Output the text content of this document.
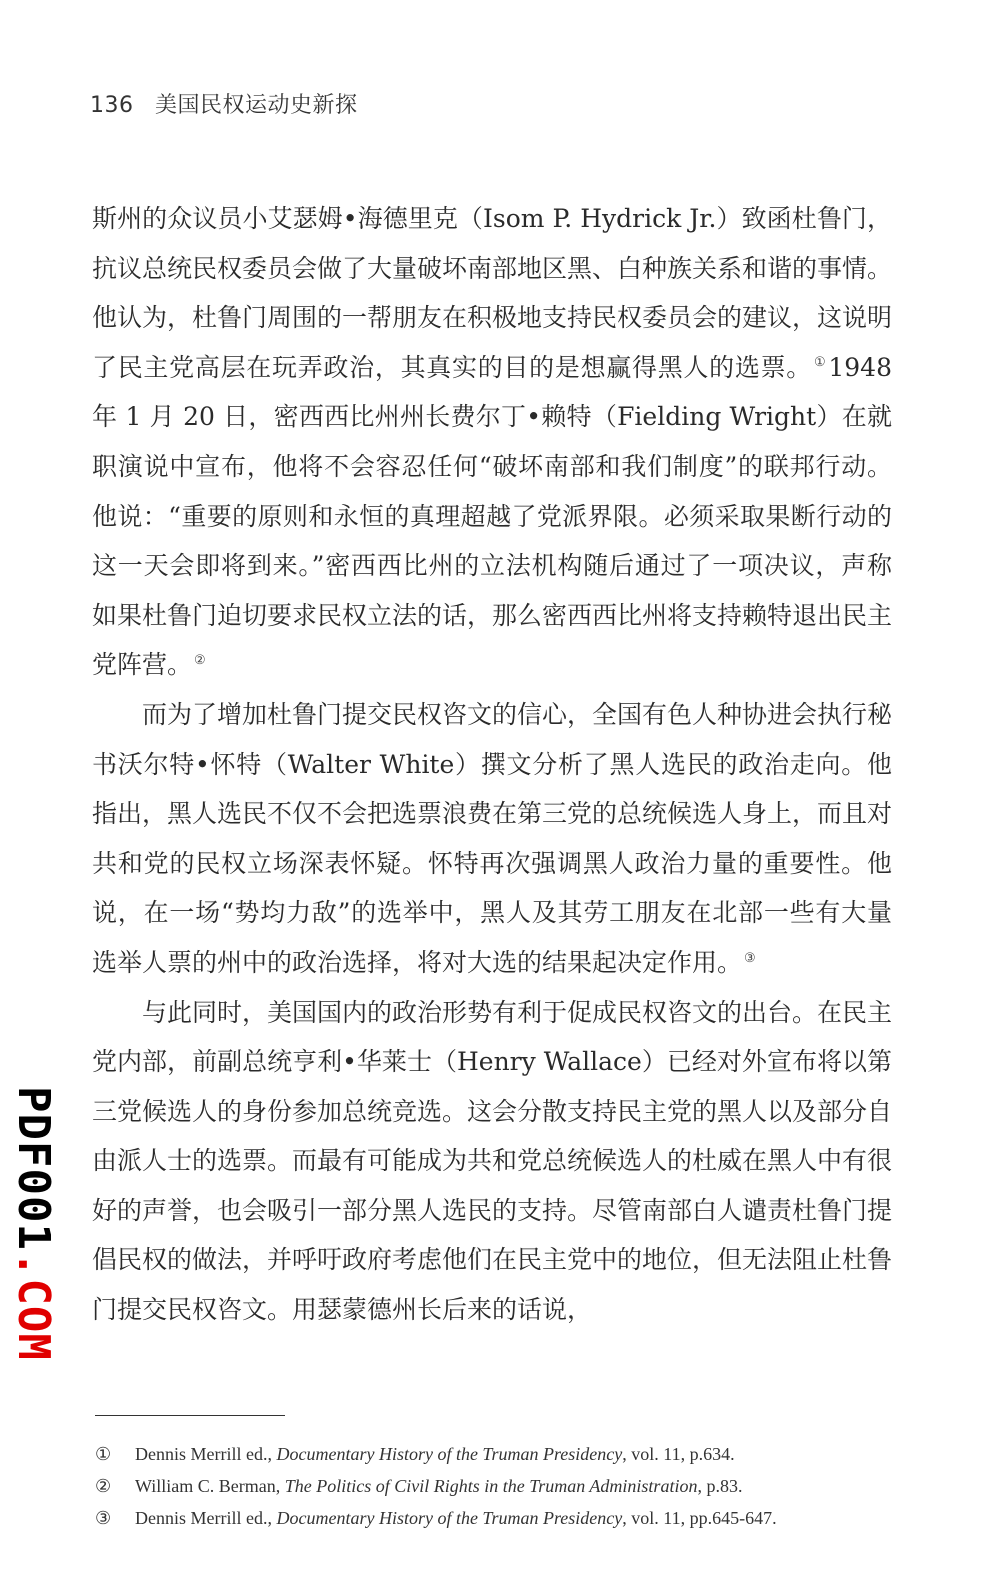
136 美国民权运动史新探

斯州的众议员小艾瑟姆•海德里克（Isom P. Hydrick Jr.）致函杜鲁门，抗议总统民权委员会做了大量破坏南部地区黑、白种族关系和谐的事情。他认为，杜鲁门周围的一帮朋友在积极地支持民权委员会的建议，这说明了民主党高层在玩弄政治，其真实的目的是想赢得黑人的选票。 ①1948 年 1 月 20 日，密西西比州州长费尔丁•赖特（Fielding Wright）在就职演说中宣布，他将不会容忍任何“破坏南部和我们制度”的联邦行动。他说：“重要的原则和永恒的真理超越了党派界限。必须采取果断行动的这一天会即将到来。”密西西比州的立法机构随后通过了一项决议，声称如果杜鲁门迫切要求民权立法的话，那么密西西比州将支持赖特退出民主党阵营。 ②

而为了增加杜鲁门提交民权咨文的信心，全国有色人种协进会执行秘书沃尔特•怀特（Walter White）撰文分析了黑人选民的政治走向。他指出，黑人选民不仅不会把选票浪费在第三党的总统候选人身上，而且对共和党的民权立场深表怀疑。怀特再次强调黑人政治力量的重要性。他说，在一场“势均力敌”的选举中，黑人及其劳工朋友在北部一些有大量选举人票的州中的政治选择，将对大选的结果起决定作用。 ③

与此同时，美国国内的政治形势有利于促成民权咨文的出台。在民主党内部，前副总统亨利•华莱士（Henry Wallace）已经对外宣布将以第三党候选人的身份参加总统竞选。这会分散支持民主党的黑人以及部分自由派人士的选票。而最有可能成为共和党总统候选人的杜威在黑人中有很好的声誉，也会吸引一部分黑人选民的支持。尽管南部白人谴责杜鲁门提倡民权的做法，并呼吁政府考虑他们在民主党中的地位，但无法阻止杜鲁门提交民权咨文。用瑟蒙德州长后来的话说，

①	Dennis Merrill ed., Documentary History of the Truman Presidency, vol. 11, p.634.
②	William C. Berman, The Politics of Civil Rights in the Truman Administration, p.83.
③	Dennis Merrill ed., Documentary History of the Truman Presidency, vol. 11, pp.645-647.
PDF001.COM
